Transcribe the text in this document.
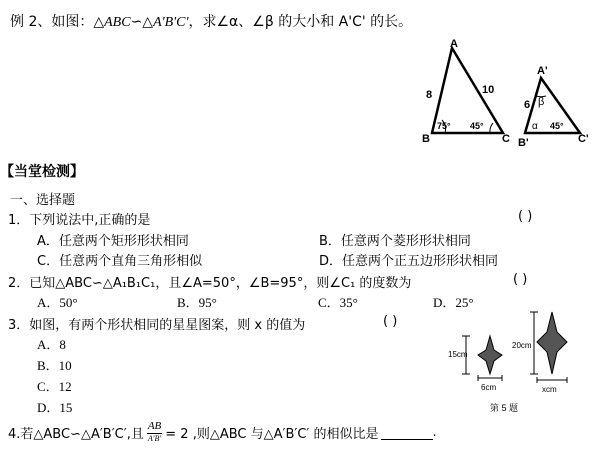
例 2、如图：△ABC∽△A'B'C'，求∠α、∠β 的大小和 A'C' 的长。
A
B	C
8	10
75° 45°
A'
B'	C'
6 β
α 45°
【当堂检测】
一、选择题
1．下列说法中,正确的是	( )
A．任意两个矩形形状相同	B．任意两个菱形形状相同
C．任意两个直角三角形相似	D．任意两个正五边形形状相同
2．已知△ABC∽△A₁B₁C₁，且∠A=50°，∠B=95°，则∠C₁ 的度数为	( )
A．50°	B．95°	C．35°	D．25°
3．如图，有两个形状相同的星星图案，则 x 的值为	( )
A．8
B．10
C．12
D．15
15cm
6cm
20cm
xcm
第 5 题
4.若△ABC∽△A′B′C′,且 $\frac{AB}{A'B'} = 2$ ,则△ABC 与△A′B′C′ 的相似比是	.
